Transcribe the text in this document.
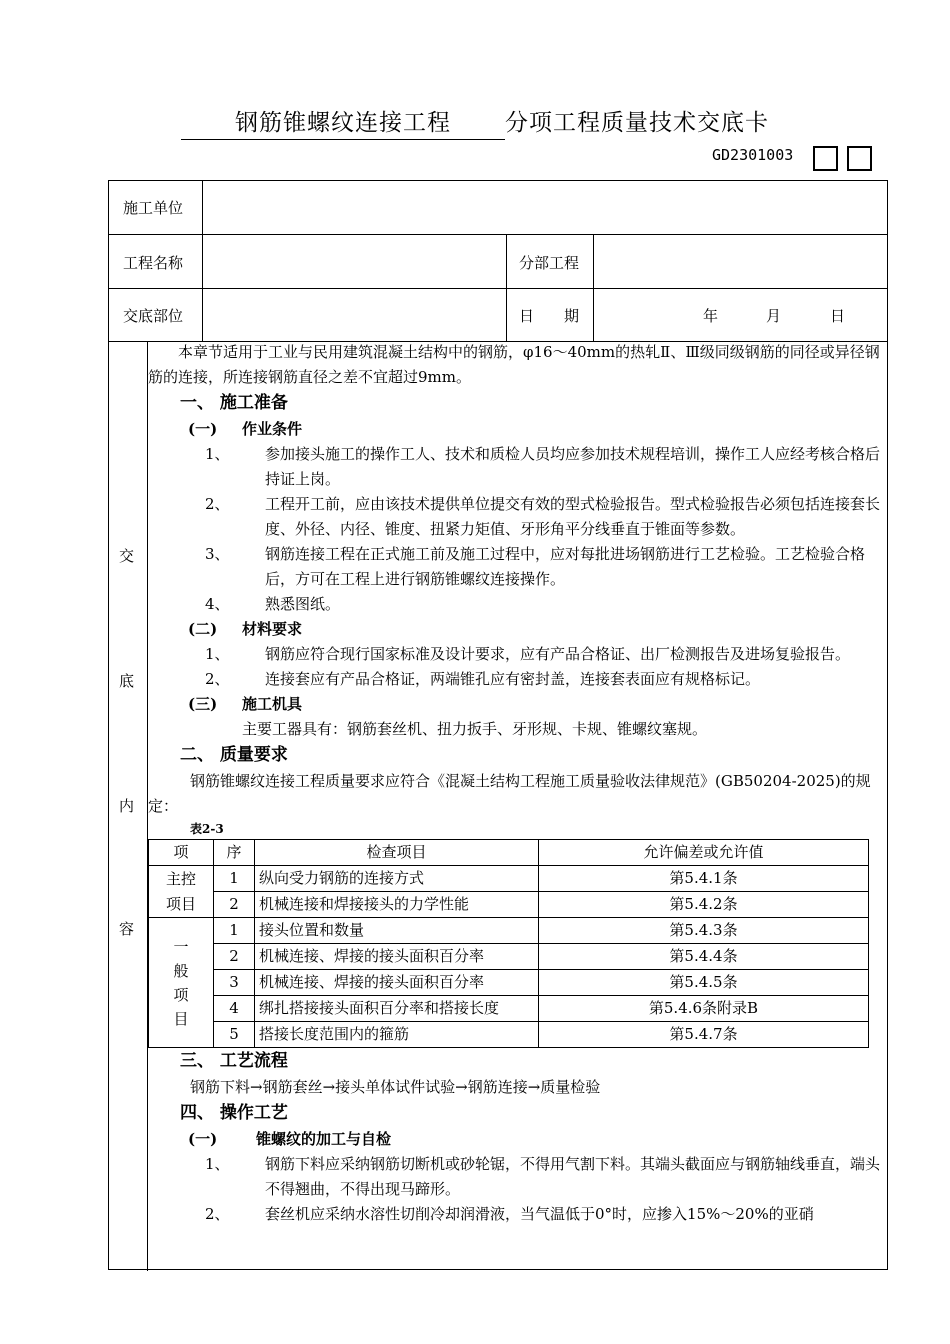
钢筋锥螺纹连接工程 分项工程质量技术交底卡
GD2301003
施工单位
工程名称	分部工程
交底部位	日　　期	年	月	日
交
底
内
容

本章节适用于工业与民用建筑混凝土结构中的钢筋，φ16～40mm的热轧Ⅱ、Ⅲ级同级钢筋的同径或异径钢筋的连接，所连接钢筋直径之差不宜超过9mm。

一、 施工准备
(一) 作业条件
1、	参加接头施工的操作工人、技术和质检人员均应参加技术规程培训，操作工人应经考核合格后持证上岗。
2、	工程开工前，应由该技术提供单位提交有效的型式检验报告。型式检验报告必须包括连接套长度、外径、内径、锥度、扭紧力矩值、牙形角平分线垂直于锥面等参数。
3、	钢筋连接工程在正式施工前及施工过程中，应对每批进场钢筋进行工艺检验。工艺检验合格后，方可在工程上进行钢筋锥螺纹连接操作。
4、	熟悉图纸。
(二) 材料要求
1、	钢筋应符合现行国家标准及设计要求，应有产品合格证、出厂检测报告及进场复验报告。
2、	连接套应有产品合格证，两端锥孔应有密封盖，连接套表面应有规格标记。
(三) 施工机具

主要工器具有：钢筋套丝机、扭力扳手、牙形规、卡规、锥螺纹塞规。

二、 质量要求

钢筋锥螺纹连接工程质量要求应符合《混凝土结构工程施工质量验收法律规范》(GB50204-2025)的规定：

表2-3
项	序	检查项目	允许偏差或允许值
主控
项目	1	纵向受力钢筋的连接方式	第5.4.1条
	2	机械连接和焊接接头的力学性能	第5.4.2条
一
般
项
目	1	接头位置和数量	第5.4.3条
	2	机械连接、焊接的接头面积百分率	第5.4.4条
	3	机械连接、焊接的接头面积百分率	第5.4.5条
	4	绑扎搭接接头面积百分率和搭接长度	第5.4.6条附录B
	5	搭接长度范围内的箍筋	第5.4.7条
三、 工艺流程

钢筋下料→钢筋套丝→接头单体试件试验→钢筋连接→质量检验

四、 操作工艺
(一)	锥螺纹的加工与自检
1、	钢筋下料应采纳钢筋切断机或砂轮锯，不得用气割下料。其端头截面应与钢筋轴线垂直，端头不得翘曲，不得出现马蹄形。
2、	套丝机应采纳水溶性切削冷却润滑液，当气温低于0°时，应掺入15%～20%的亚硝
